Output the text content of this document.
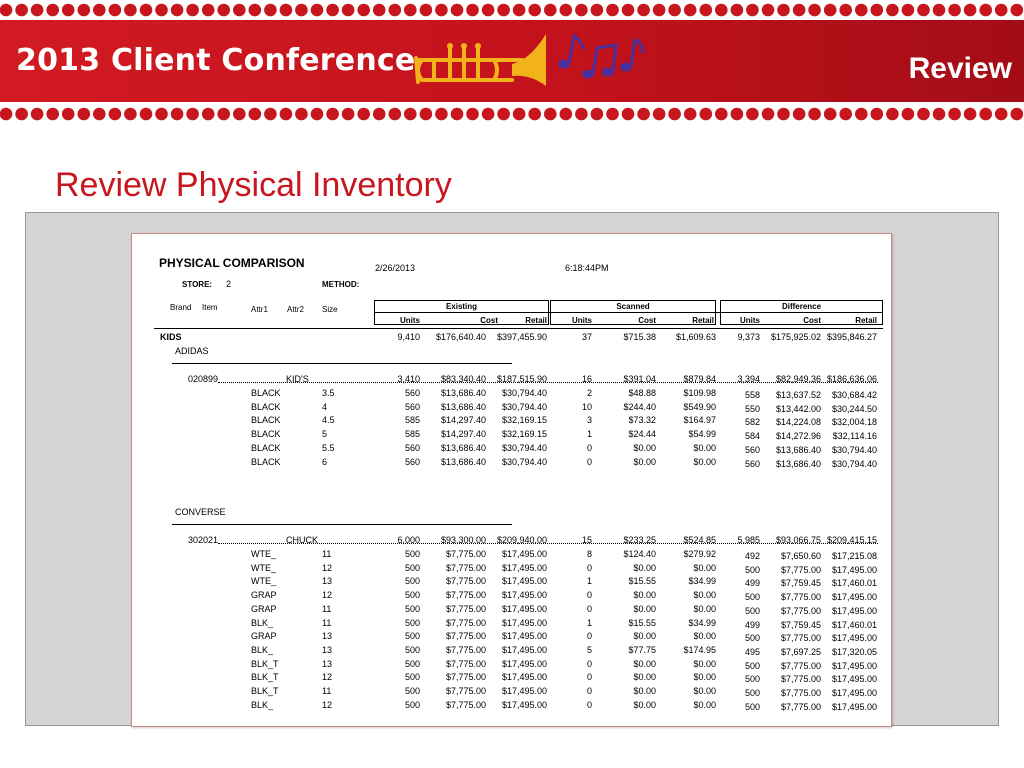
2013 Client Conference	Review
Review Physical Inventory
PHYSICAL COMPARISON	2/26/2013	6:18:44PM
STORE: 2	METHOD:
Brand Item	Attr1 Attr2 Size	Existing	Scanned	Difference
Units	Cost	Retail	Units	Cost	Retail	Units	Cost	Retail
KIDS	9,410	$176,640.40 $397,455.90	37	$715.38	$1,609.63	9,373	$175,925.02 $395,846.27
ADIDAS
020899	KID'S	3,410	$83,340.40 $187,515.90	16	$391.04	$879.84	3,394	$82,949.36 $186,636.06
BLACK	3.5	560	$13,686.40	$30,794.40	2	$48.88	$109.98	558	$13,637.52	$30,684.42
BLACK	4	560	$13,686.40	$30,794.40	10	$244.40	$549.90	550	$13,442.00	$30,244.50
BLACK	4.5	585	$14,297.40	$32,169.15	3	$73.32	$164.97	582	$14,224.08	$32,004.18
BLACK	5	585	$14,297.40	$32,169.15	1	$24.44	$54.99	584	$14,272.96	$32,114.16
BLACK	5.5	560	$13,686.40	$30,794.40	0	$0.00	$0.00	560	$13,686.40	$30,794.40
BLACK	6	560	$13,686.40	$30,794.40	0	$0.00	$0.00	560	$13,686.40	$30,794.40
CONVERSE
302021	CHUCK	6,000	$93,300.00 $209,940.00	15	$233.25	$524.85	5,985	$93,066.75 $209,415.15
WTE_	11	500	$7,775.00	$17,495.00	8	$124.40	$279.92	492	$7,650.60	$17,215.08
WTE_	12	500	$7,775.00	$17,495.00	0	$0.00	$0.00	500	$7,775.00	$17,495.00
WTE_	13	500	$7,775.00	$17,495.00	1	$15.55	$34.99	499	$7,759.45	$17,460.01
GRAP	12	500	$7,775.00	$17,495.00	0	$0.00	$0.00	500	$7,775.00	$17,495.00
GRAP	11	500	$7,775.00	$17,495.00	0	$0.00	$0.00	500	$7,775.00	$17,495.00
BLK_	11	500	$7,775.00	$17,495.00	1	$15.55	$34.99	499	$7,759.45	$17,460.01
GRAP	13	500	$7,775.00	$17,495.00	0	$0.00	$0.00	500	$7,775.00	$17,495.00
BLK_	13	500	$7,775.00	$17,495.00	5	$77.75	$174.95	495	$7,697.25	$17,320.05
BLK_T	13	500	$7,775.00	$17,495.00	0	$0.00	$0.00	500	$7,775.00	$17,495.00
BLK_T	12	500	$7,775.00	$17,495.00	0	$0.00	$0.00	500	$7,775.00	$17,495.00
BLK_T	11	500	$7,775.00	$17,495.00	0	$0.00	$0.00	500	$7,775.00	$17,495.00
BLK_	12	500	$7,775.00	$17,495.00	0	$0.00	$0.00	500	$7,775.00	$17,495.00
